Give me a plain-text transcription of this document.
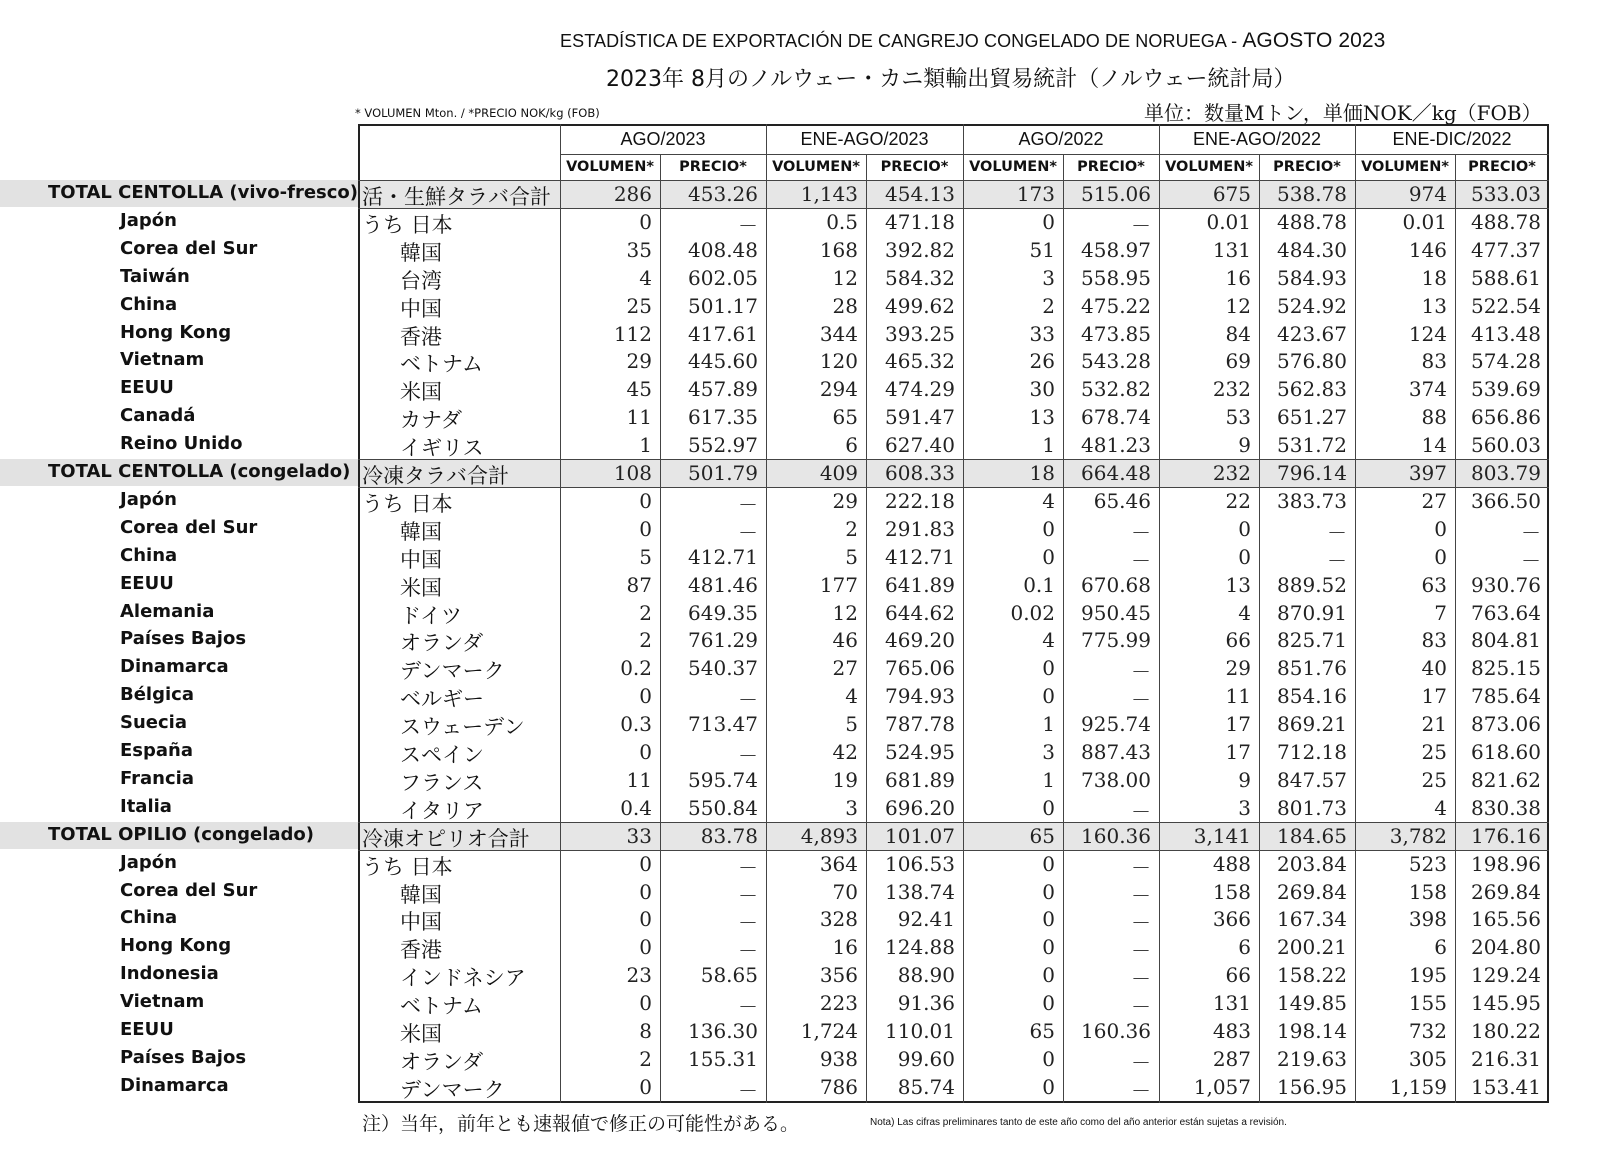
ESTADÍSTICA DE EXPORTACIÓN DE CANGREJO CONGELADO DE NORUEGA - AGOSTO 2023
2023年 8月のノルウェー・カニ類輸出貿易統計（ノルウェー統計局）
* VOLUMEN Mton. / *PRECIO NOK/kg (FOB)	単位：数量Mトン，単価NOK／kg（FOB）
AGO/2023	ENE-AGO/2023	AGO/2022	ENE-AGO/2022	ENE-DIC/2022
VOLUMEN*	PRECIO*	VOLUMEN*	PRECIO*	VOLUMEN*	PRECIO*	VOLUMEN*	PRECIO*	VOLUMEN*	PRECIO*
TOTAL CENTOLLA (vivo-fresco) 活・生鮮タラバ合計	286	453.26	1,143	454.13	173	515.06	675	538.78	974	533.03
Japón	うち 日本	0	－	0.5	471.18	0	－	0.01	488.78	0.01	488.78
Corea del Sur	韓国	35	408.48	168	392.82	51	458.97	131	484.30	146	477.37
Taiwán	台湾	4	602.05	12	584.32	3	558.95	16	584.93	18	588.61
China	中国	25	501.17	28	499.62	2	475.22	12	524.92	13	522.54
Hong Kong	香港	112	417.61	344	393.25	33	473.85	84	423.67	124	413.48
Vietnam	ベトナム	29	445.60	120	465.32	26	543.28	69	576.80	83	574.28
EEUU	米国	45	457.89	294	474.29	30	532.82	232	562.83	374	539.69
Canadá	カナダ	11	617.35	65	591.47	13	678.74	53	651.27	88	656.86
Reino Unido	イギリス	1	552.97	6	627.40	1	481.23	9	531.72	14	560.03
TOTAL CENTOLLA (congelado) 冷凍タラバ合計	108	501.79	409	608.33	18	664.48	232	796.14	397	803.79
Japón	うち 日本	0	－	29	222.18	4	65.46	22	383.73	27	366.50
Corea del Sur	韓国	0	－	2	291.83	0	－	0	－	0	－
China	中国	5	412.71	5	412.71	0	－	0	－	0	－
EEUU	米国	87	481.46	177	641.89	0.1	670.68	13	889.52	63	930.76
Alemania	ドイツ	2	649.35	12	644.62	0.02	950.45	4	870.91	7	763.64
Países Bajos	オランダ	2	761.29	46	469.20	4	775.99	66	825.71	83	804.81
Dinamarca	デンマーク	0.2	540.37	27	765.06	0	－	29	851.76	40	825.15
Bélgica	ベルギー	0	－	4	794.93	0	－	11	854.16	17	785.64
Suecia	スウェーデン	0.3	713.47	5	787.78	1	925.74	17	869.21	21	873.06
España	スペイン	0	－	42	524.95	3	887.43	17	712.18	25	618.60
Francia	フランス	11	595.74	19	681.89	1	738.00	9	847.57	25	821.62
Italia	イタリア	0.4	550.84	3	696.20	0	－	3	801.73	4	830.38
TOTAL OPILIO (congelado) 冷凍オピリオ合計	33	83.78	4,893	101.07	65	160.36	3,141	184.65	3,782	176.16
Japón	うち 日本	0	－	364	106.53	0	－	488	203.84	523	198.96
Corea del Sur	韓国	0	－	70	138.74	0	－	158	269.84	158	269.84
China	中国	0	－	328	92.41	0	－	366	167.34	398	165.56
Hong Kong	香港	0	－	16	124.88	0	－	6	200.21	6	204.80
Indonesia	インドネシア	23	58.65	356	88.90	0	－	66	158.22	195	129.24
Vietnam	ベトナム	0	－	223	91.36	0	－	131	149.85	155	145.95
EEUU	米国	8	136.30	1,724	110.01	65	160.36	483	198.14	732	180.22
Países Bajos	オランダ	2	155.31	938	99.60	0	－	287	219.63	305	216.31
Dinamarca	デンマーク	0	－	786	85.74	0	－	1,057	156.95	1,159	153.41
注）当年，前年とも速報値で修正の可能性がある。	Nota) Las cifras preliminares tanto de este año como del año anterior están sujetas a revisión.
